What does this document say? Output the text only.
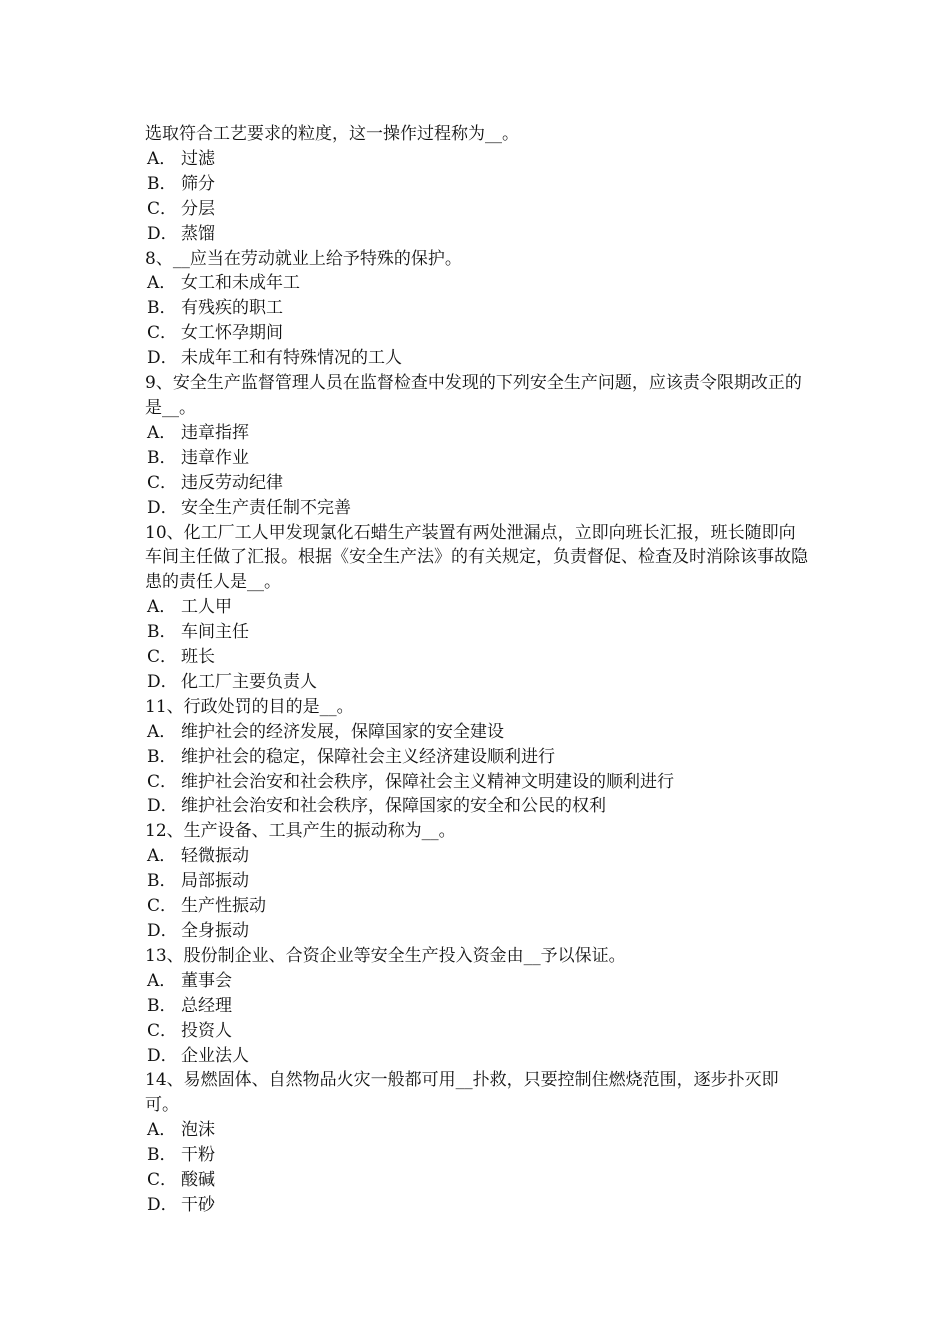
选取符合工艺要求的粒度，这一操作过程称为__。
A． 过滤
B． 筛分
C． 分层
D． 蒸馏
8、__应当在劳动就业上给予特殊的保护。
A． 女工和未成年工
B． 有残疾的职工
C． 女工怀孕期间
D． 未成年工和有特殊情况的工人
9、安全生产监督管理人员在监督检查中发现的下列安全生产问题，应该责令限期改正的是__。
A． 违章指挥
B． 违章作业
C． 违反劳动纪律
D． 安全生产责任制不完善
10、化工厂工人甲发现氯化石蜡生产装置有两处泄漏点，立即向班长汇报，班长随即向车间主任做了汇报。根据《安全生产法》的有关规定，负责督促、检查及时消除该事故隐患的责任人是__。
A． 工人甲
B． 车间主任
C． 班长
D． 化工厂主要负责人
11、行政处罚的目的是__。
A． 维护社会的经济发展，保障国家的安全建设
B． 维护社会的稳定，保障社会主义经济建设顺利进行
C． 维护社会治安和社会秩序，保障社会主义精神文明建设的顺利进行
D． 维护社会治安和社会秩序，保障国家的安全和公民的权利
12、生产设备、工具产生的振动称为__。
A． 轻微振动
B． 局部振动
C． 生产性振动
D． 全身振动
13、股份制企业、合资企业等安全生产投入资金由__予以保证。
A． 董事会
B． 总经理
C． 投资人
D． 企业法人
14、易燃固体、自然物品火灾一般都可用__扑救，只要控制住燃烧范围，逐步扑灭即可。
A． 泡沫
B． 干粉
C． 酸碱
D． 干砂
